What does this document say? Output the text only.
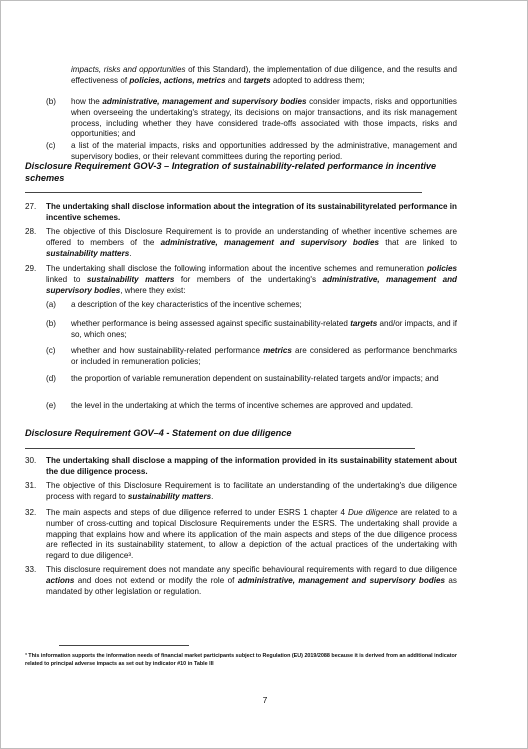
impacts, risks and opportunities of this Standard), the implementation of due diligence, and the results and effectiveness of policies, actions, metrics and targets adopted to address them;
(b) how the administrative, management and supervisory bodies consider impacts, risks and opportunities when overseeing the undertaking's strategy, its decisions on major transactions, and its risk management process, including whether they have considered trade-offs associated with those impacts, risks and opportunities; and
(c) a list of the material impacts, risks and opportunities addressed by the administrative, management and supervisory bodies, or their relevant committees during the reporting period.
Disclosure Requirement GOV-3 – Integration of sustainability-related performance in incentive schemes
27. The undertaking shall disclose information about the integration of its sustainabilityrelated performance in incentive schemes.
28. The objective of this Disclosure Requirement is to provide an understanding of whether incentive schemes are offered to members of the administrative, management and supervisory bodies that are linked to sustainability matters.
29. The undertaking shall disclose the following information about the incentive schemes and remuneration policies linked to sustainability matters for members of the undertaking's administrative, management and supervisory bodies, where they exist:
(a) a description of the key characteristics of the incentive schemes;
(b) whether performance is being assessed against specific sustainability-related targets and/or impacts, and if so, which ones;
(c) whether and how sustainability-related performance metrics are considered as performance benchmarks or included in remuneration policies;
(d) the proportion of variable remuneration dependent on sustainability-related targets and/or impacts; and
(e) the level in the undertaking at which the terms of incentive schemes are approved and updated.
Disclosure Requirement GOV–4 - Statement on due diligence
30. The undertaking shall disclose a mapping of the information provided in its sustainability statement about the due diligence process.
31. The objective of this Disclosure Requirement is to facilitate an understanding of the undertaking's due diligence process with regard to sustainability matters.
32. The main aspects and steps of due diligence referred to under ESRS 1 chapter 4 Due diligence are related to a number of cross-cutting and topical Disclosure Requirements under the ESRS. The undertaking shall provide a mapping that explains how and where its application of the main aspects and steps of the due diligence process are reflected in its sustainability statement, to allow a depiction of the actual practices of the undertaking with regard to due diligence³.
33. This disclosure requirement does not mandate any specific behavioural requirements with regard to due diligence actions and does not extend or modify the role of administrative, management and supervisory bodies as mandated by other legislation or regulation.
³ This information supports the information needs of financial market participants subject to Regulation (EU) 2019/2088 because it is derived from an additional indicator related to principal adverse impacts as set out by indicator #10 in Table III
7
